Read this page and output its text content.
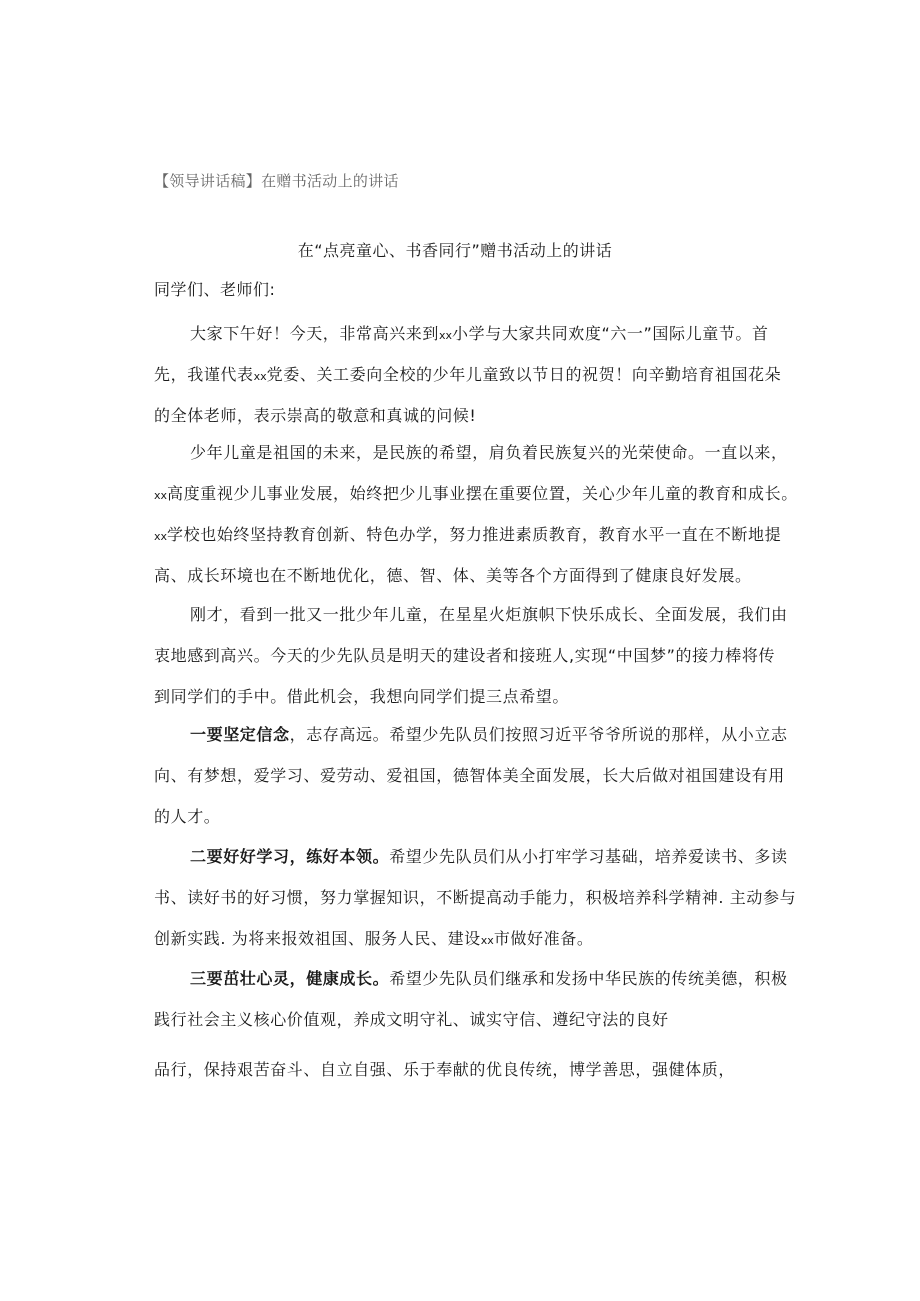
【领导讲话稿】在赠书活动上的讲话
在“点亮童心、书香同行”赠书活动上的讲话
同学们、老师们:
大家下午好！今天，非常高兴来到xx小学与大家共同欢度“六一”国际儿童节。首
先，我谨代表xx党委、关工委向全校的少年儿童致以节日的祝贺！向辛勤培育祖国花朵
的全体老师，表示崇高的敬意和真诚的问候!
少年儿童是祖国的未来，是民族的希望，肩负着民族复兴的光荣使命。一直以来，
xx高度重视少儿事业发展，始终把少儿事业摆在重要位置，关心少年儿童的教育和成长。
xx学校也始终坚持教育创新、特色办学，努力推进素质教育，教育水平一直在不断地提
高、成长环境也在不断地优化，德、智、体、美等各个方面得到了健康良好发展。
刚才，看到一批又一批少年儿童，在星星火炬旗帜下快乐成长、全面发展，我们由
衷地感到高兴。今天的少先队员是明天的建设者和接班人,实现“中国梦”的接力棒将传
到同学们的手中。借此机会，我想向同学们提三点希望。
一要坚定信念，志存高远。希望少先队员们按照习近平爷爷所说的那样，从小立志
向、有梦想，爱学习、爱劳动、爱祖国，德智体美全面发展，长大后做对祖国建设有用
的人才。
二要好好学习，练好本领。希望少先队员们从小打牢学习基础，培养爱读书、多读
书、读好书的好习惯，努力掌握知识，不断提高动手能力，积极培养科学精神. 主动参与
创新实践. 为将来报效祖国、服务人民、建设xx市做好准备。
三要茁壮心灵，健康成长。希望少先队员们继承和发扬中华民族的传统美德，积极
践行社会主义核心价值观，养成文明守礼、诚实守信、遵纪守法的良好
品行，保持艰苦奋斗、自立自强、乐于奉献的优良传统，博学善思，强健体质，
